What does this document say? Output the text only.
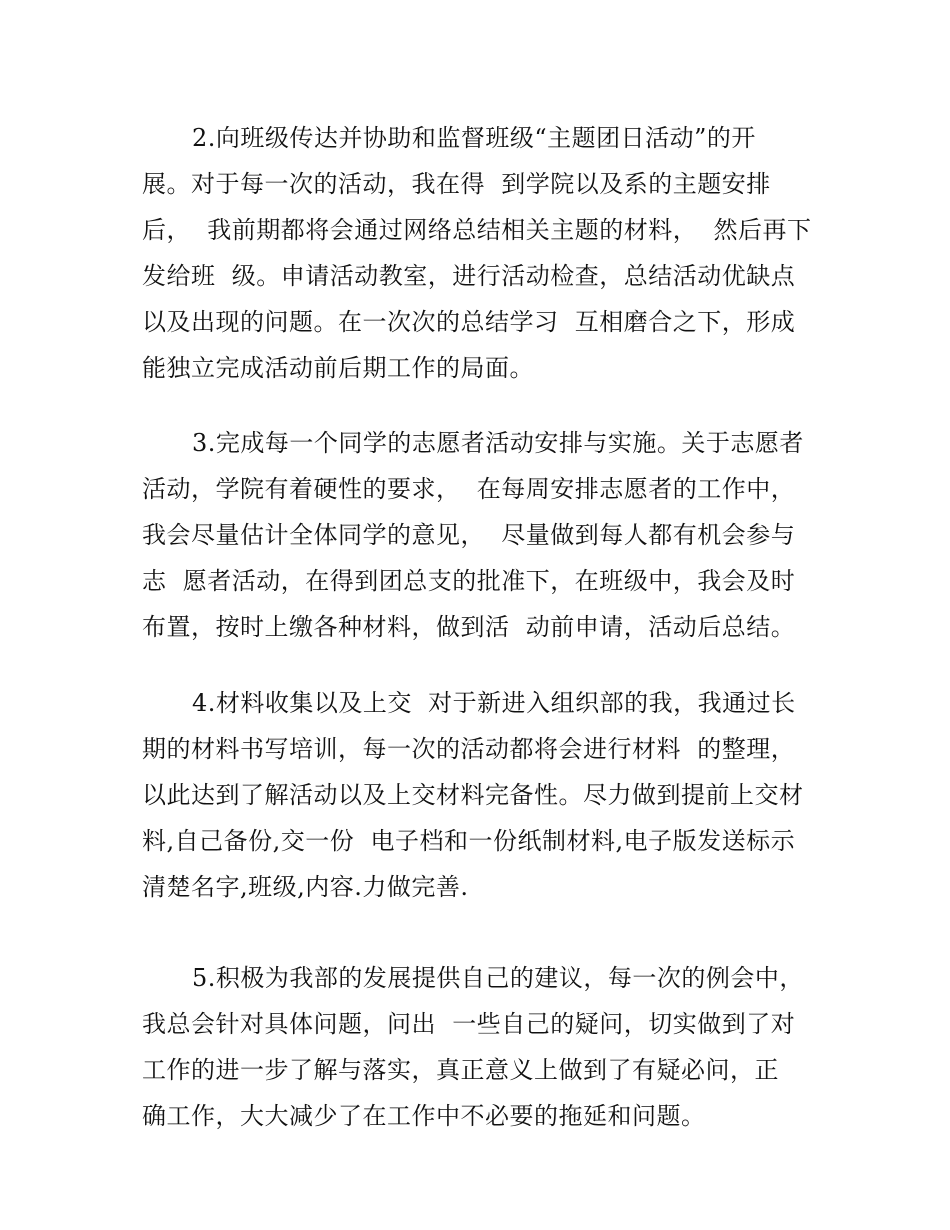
2.向班级传达并协助和监督班级“主题团日活动”的开
展。对于每一次的活动，我在得  到学院以及系的主题安排
后，  我前期都将会通过网络总结相关主题的材料，  然后再下
发给班  级。申请活动教室，进行活动检查，总结活动优缺点
以及出现的问题。在一次次的总结学习  互相磨合之下，形成
能独立完成活动前后期工作的局面。
3.完成每一个同学的志愿者活动安排与实施。关于志愿者
活动，学院有着硬性的要求，  在每周安排志愿者的工作中，
我会尽量估计全体同学的意见，  尽量做到每人都有机会参与
志  愿者活动，在得到团总支的批准下，在班级中，我会及时
布置，按时上缴各种材料，做到活  动前申请，活动后总结。
4.材料收集以及上交  对于新进入组织部的我，我通过长
期的材料书写培训，每一次的活动都将会进行材料  的整理，
以此达到了解活动以及上交材料完备性。尽力做到提前上交材
料,自己备份,交一份  电子档和一份纸制材料,电子版发送标示
清楚名字,班级,内容.力做完善.
5.积极为我部的发展提供自己的建议，每一次的例会中，
我总会针对具体问题，问出  一些自己的疑问，切实做到了对
工作的进一步了解与落实，真正意义上做到了有疑必问，正
确工作，大大减少了在工作中不必要的拖延和问题。
